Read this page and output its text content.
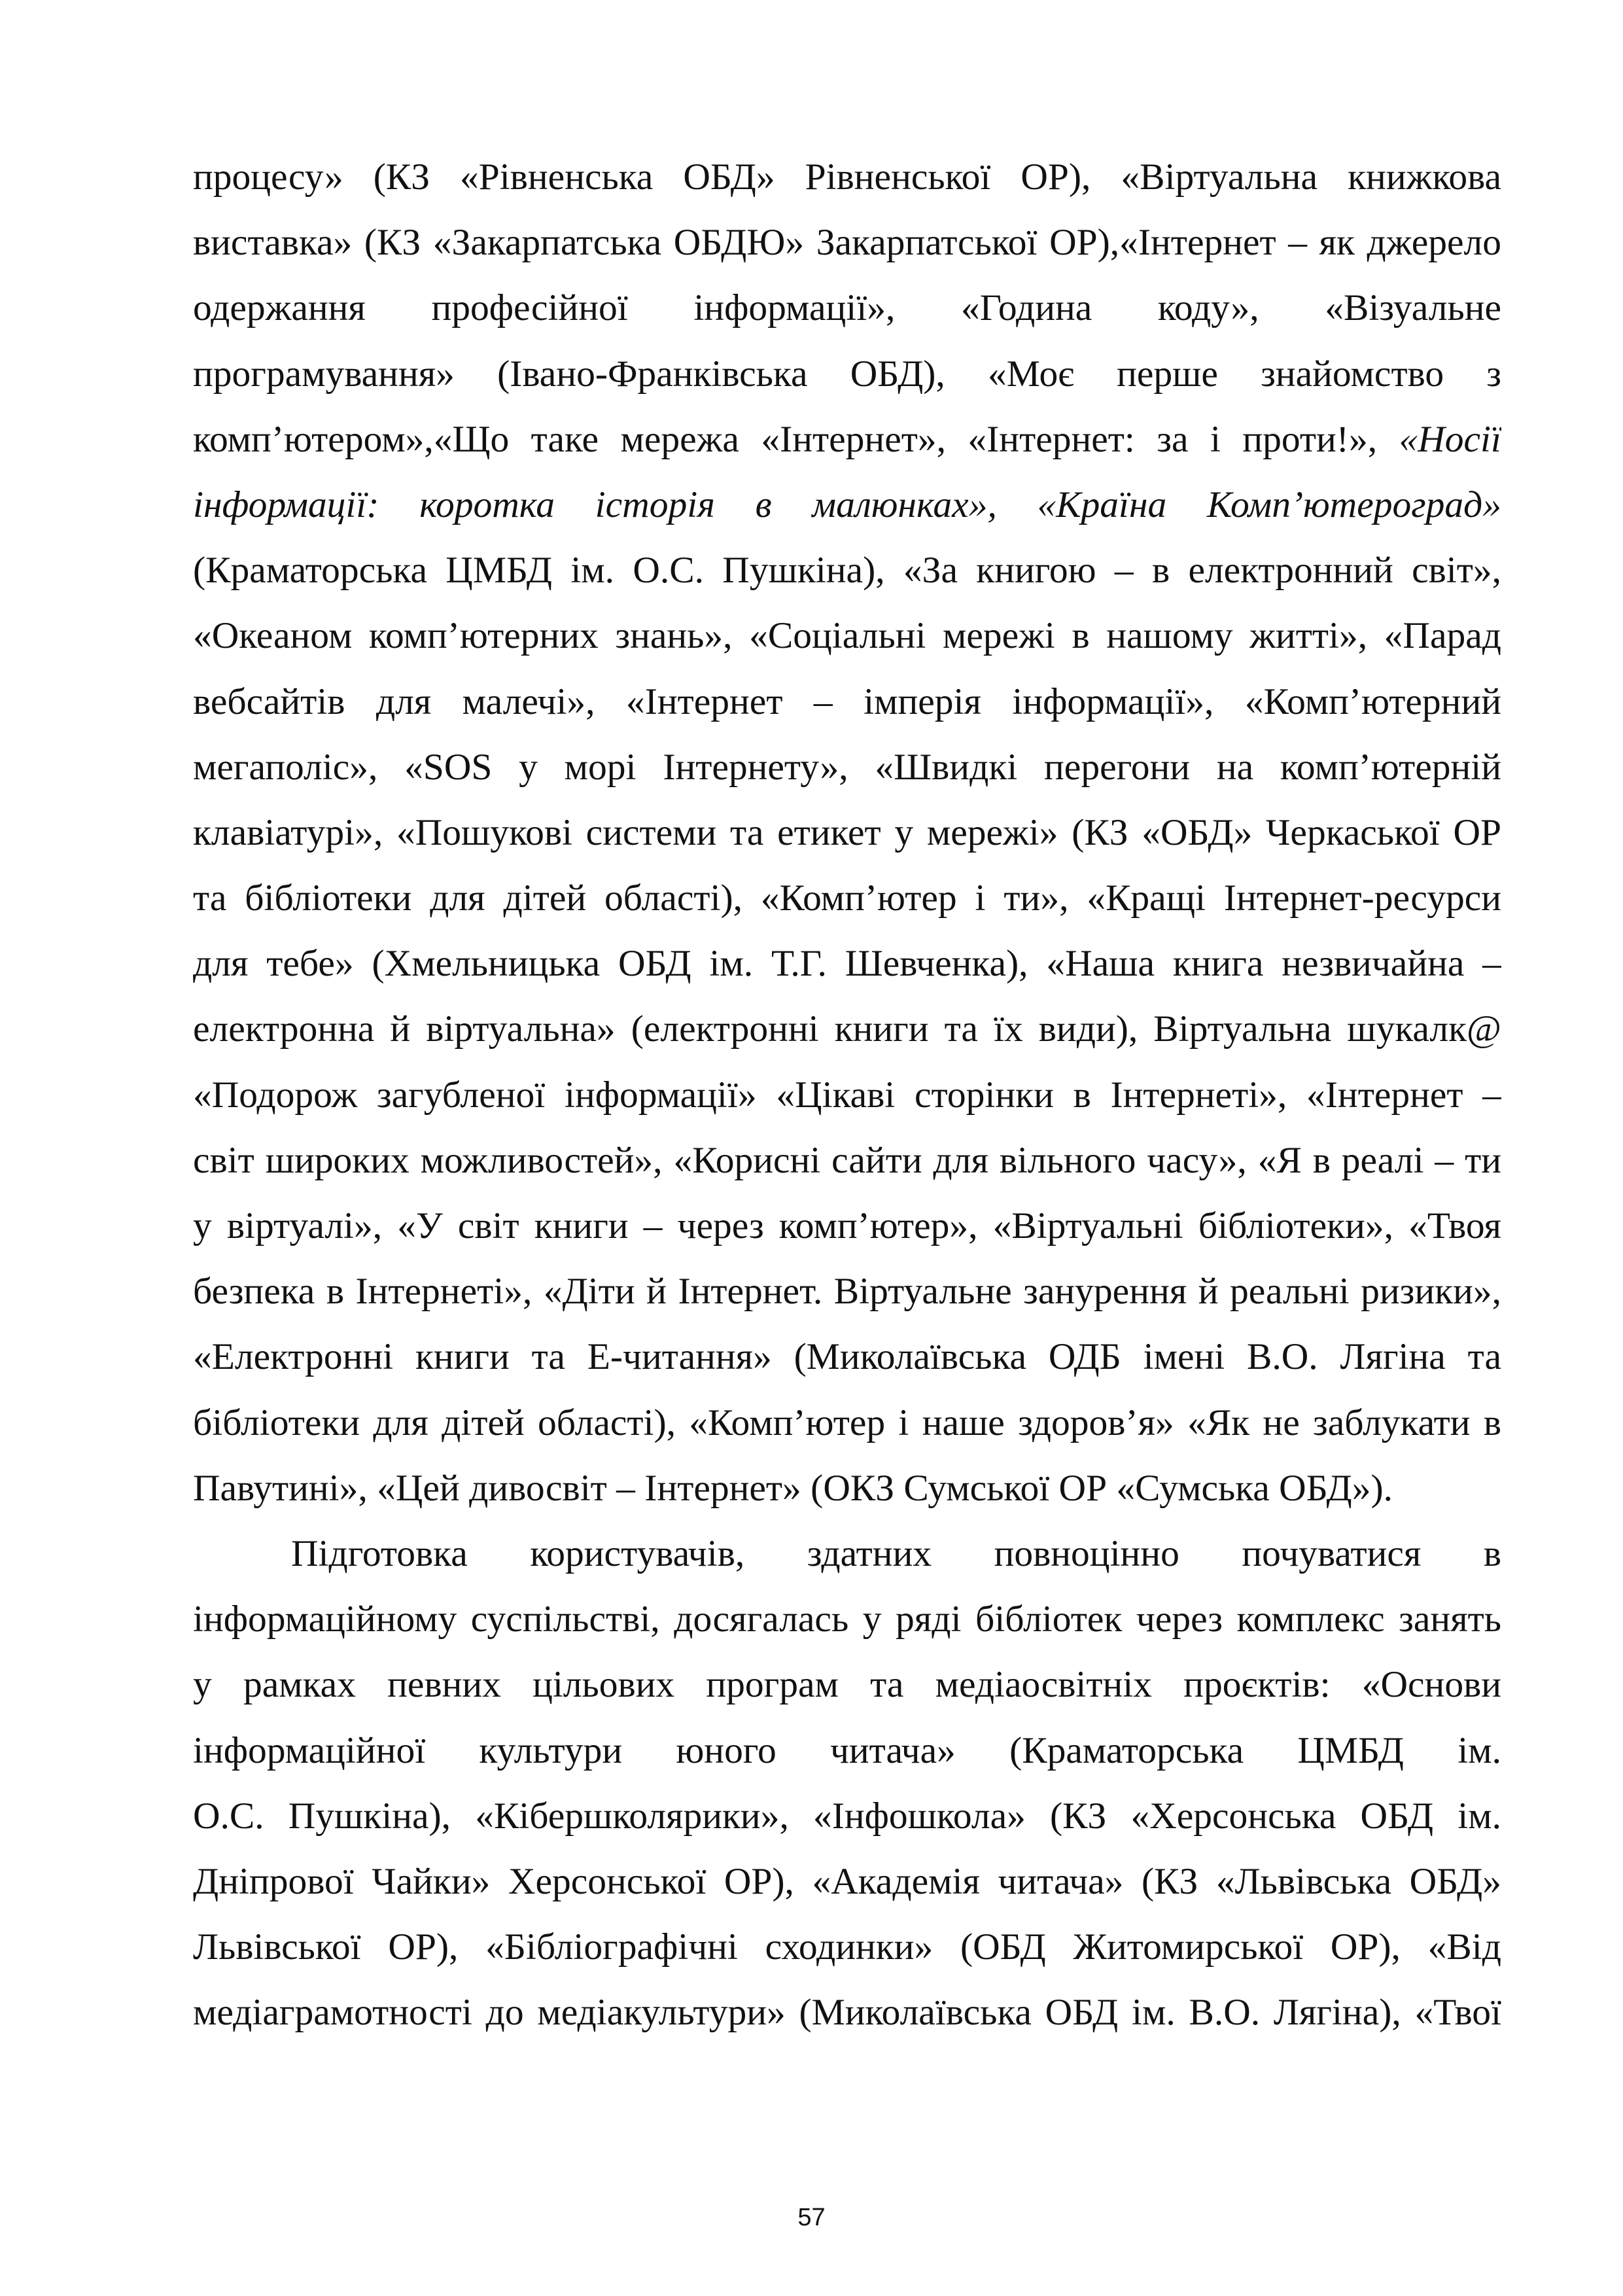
процесу» (КЗ «Рівненська ОБД» Рівненської ОР), «Віртуальна книжкова
виставка» (КЗ «Закарпатська ОБДЮ» Закарпатської ОР),«Інтернет – як джерело
одержання професійної інформації», «Година коду», «Візуальне
програмування» (Івано-Франківська ОБД), «Моє перше знайомство з
комп’ютером»,«Що таке мережа «Інтернет», «Інтернет: за і проти!», «Носії
інформації: коротка історія в малюнках», «Країна Комп’ютероград»
(Краматорська ЦМБД ім. О.С. Пушкіна), «За книгою – в електронний світ»,
«Океаном комп’ютерних знань», «Соціальні мережі в нашому житті», «Парад
вебсайтів для малечі», «Інтернет – імперія інформації», «Комп’ютерний
мегаполіс», «SOS у морі Інтернету», «Швидкі перегони на комп’ютерній
клавіатурі», «Пошукові системи та етикет у мережі» (КЗ «ОБД» Черкаської ОР
та бібліотеки для дітей області), «Комп’ютер і ти», «Кращі Інтернет-ресурси
для тебе» (Хмельницька ОБД ім. Т.Г. Шевченка), «Наша книга незвичайна –
електронна й віртуальна» (електронні книги та їх види), Віртуальна шукалк@
«Подорож загубленої інформації» «Цікаві сторінки в Інтернеті», «Інтернет –
світ широких можливостей», «Корисні сайти для вільного часу», «Я в реалі – ти
у віртуалі», «У світ книги – через комп’ютер», «Віртуальні бібліотеки», «Твоя
безпека в Інтернеті», «Діти й Інтернет. Віртуальне занурення й реальні ризики»,
«Електронні книги та Е-читання» (Миколаївська ОДБ імені В.О. Лягіна та
бібліотеки для дітей області), «Комп’ютер і наше здоров’я» «Як не заблукати в
Павутині», «Цей дивосвіт – Інтернет» (ОКЗ Сумської ОР «Сумська ОБД»).
Підготовка користувачів, здатних повноцінно почуватися в
інформаційному суспільстві, досягалась у ряді бібліотек через комплекс занять
у рамках певних цільових програм та медіаосвітніх проєктів: «Основи
інформаційної культури юного читача» (Краматорська ЦМБД ім.
О.С. Пушкіна), «Кібершколярики», «Інфошкола» (КЗ «Херсонська ОБД ім.
Дніпрової Чайки» Херсонської ОР), «Академія читача» (КЗ «Львівська ОБД»
Львівської ОР), «Бібліографічні сходинки» (ОБД Житомирської ОР), «Від
медіаграмотності до медіакультури» (Миколаївська ОБД ім. В.О. Лягіна), «Твої
57
